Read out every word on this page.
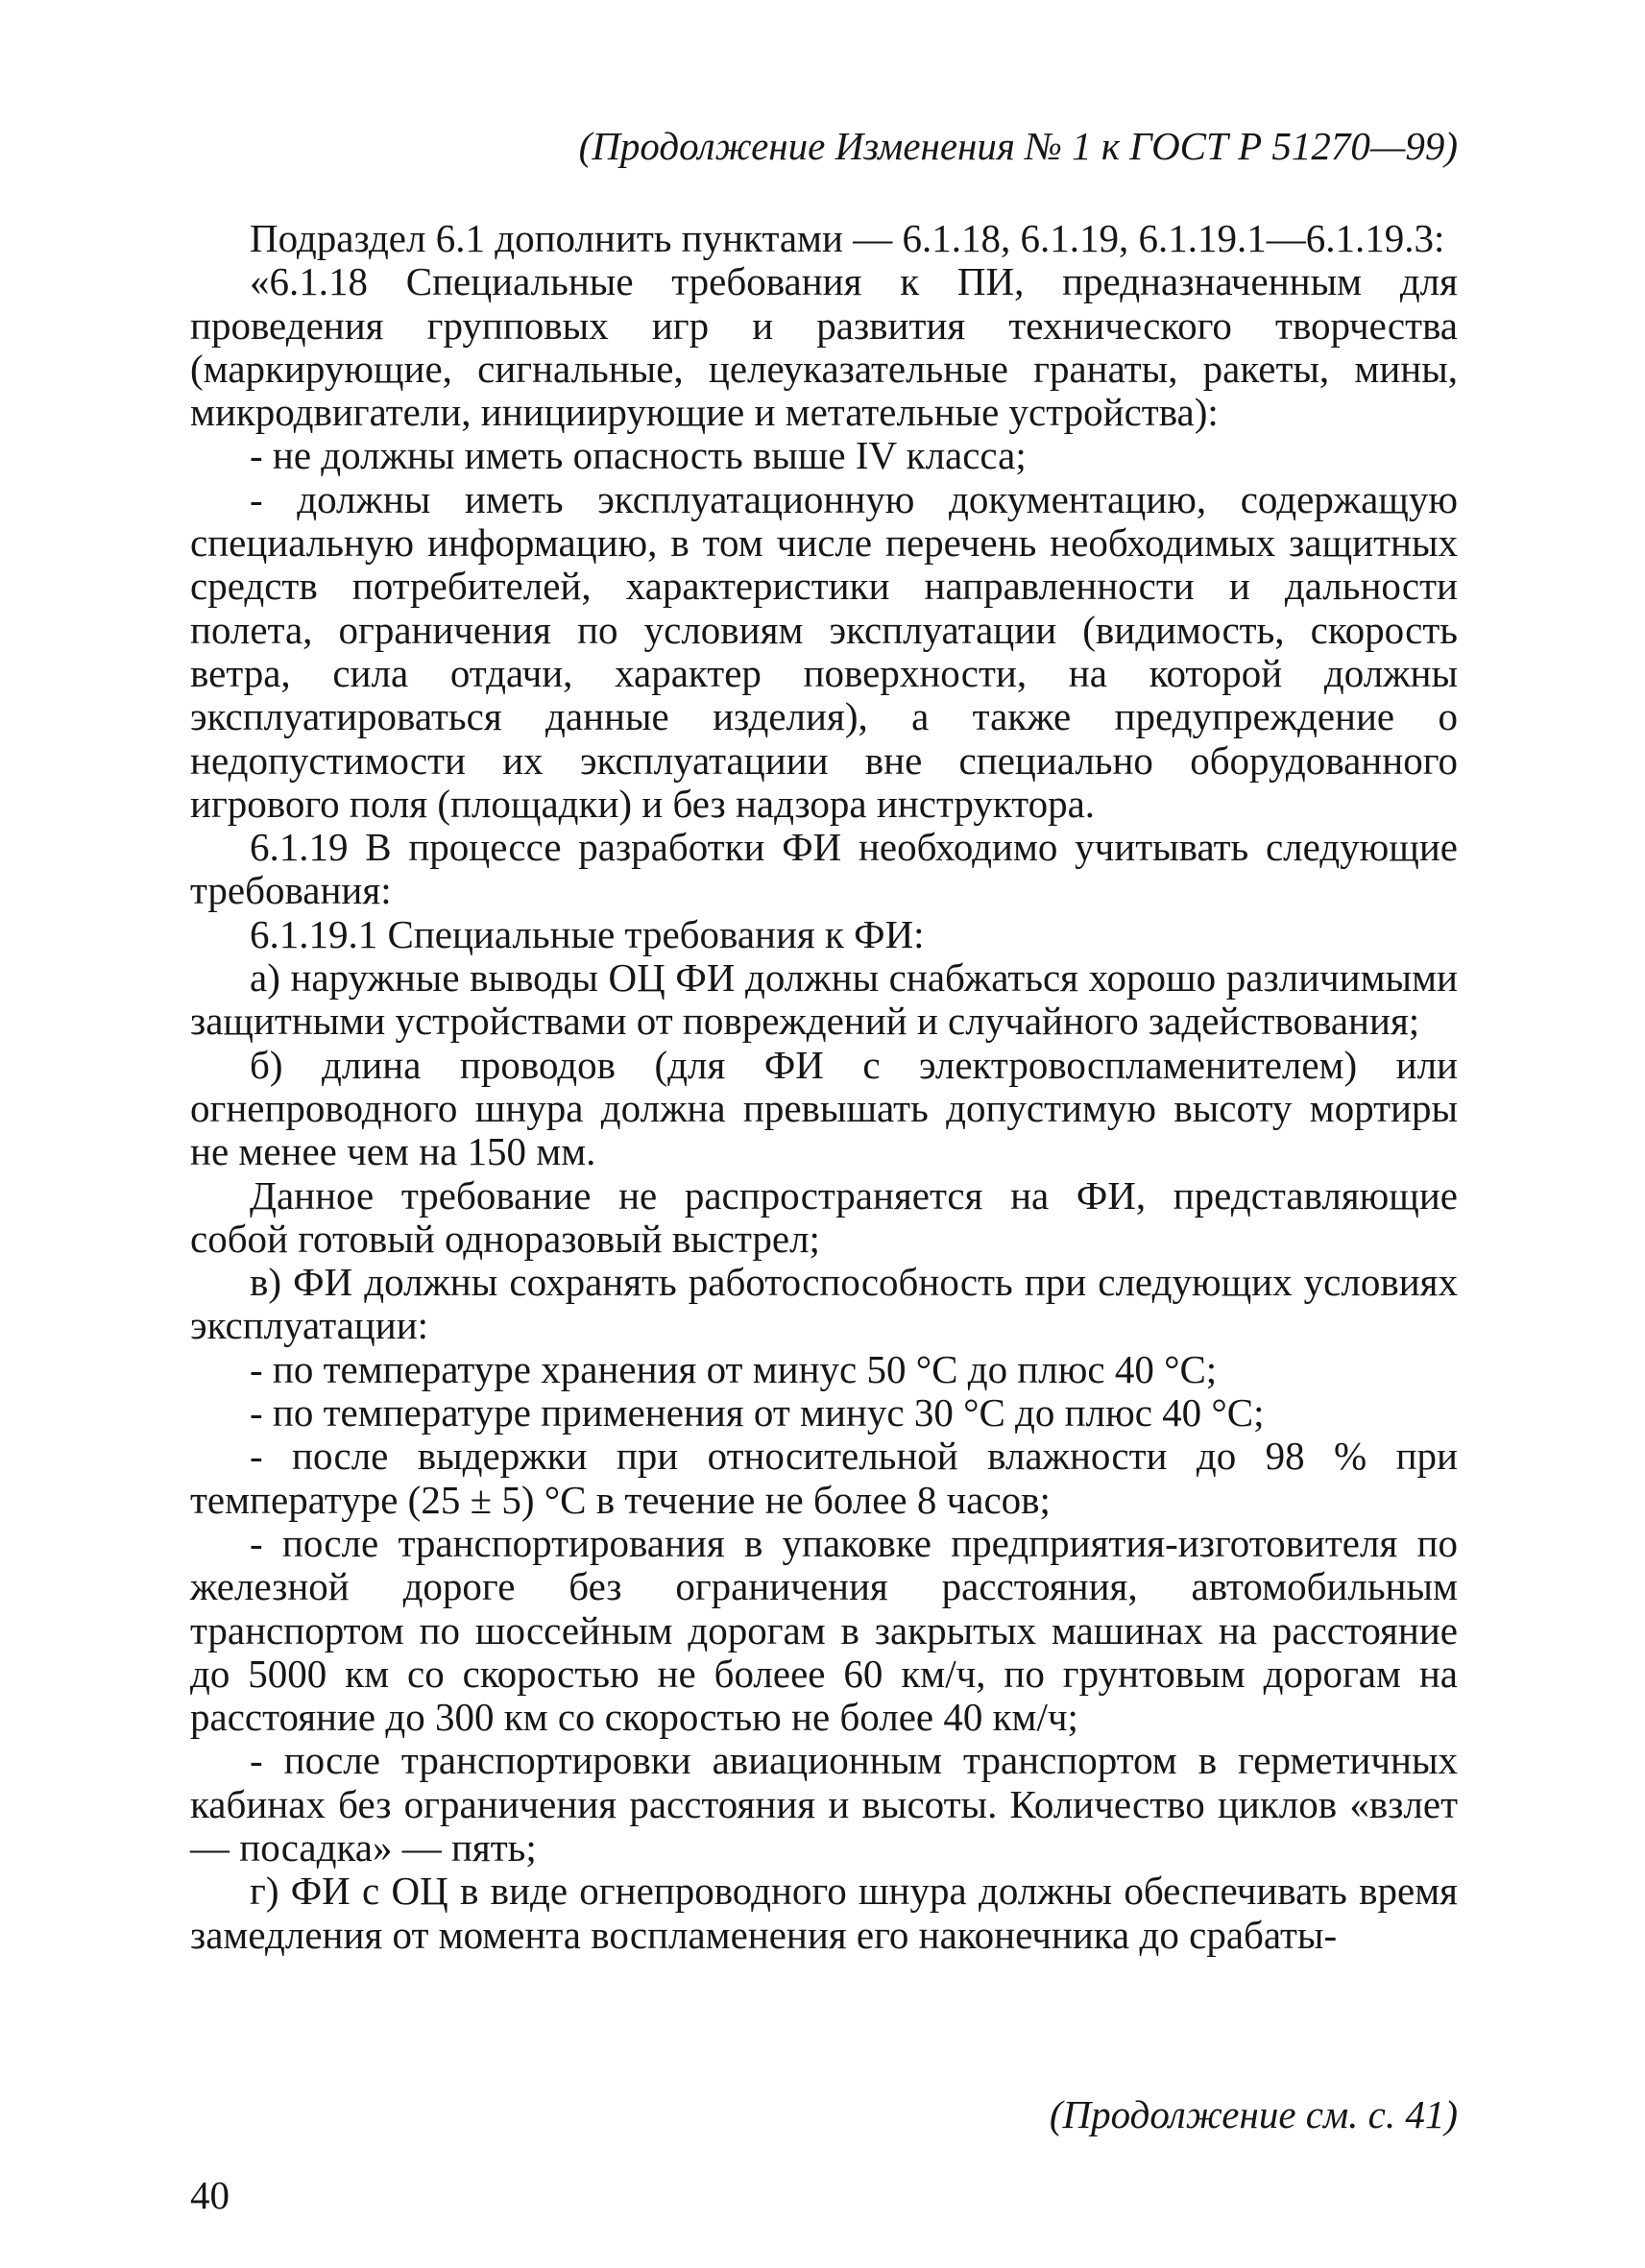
(Продолжение Изменения № 1 к ГОСТ Р 51270—99)

Подраздел 6.1 дополнить пунктами — 6.1.18, 6.1.19, 6.1.19.1—6.1.19.3:

«6.1.18 Специальные требования к ПИ, предназначенным для проведения групповых игр и развития технического творчества (маркирующие, сигнальные, целеуказательные гранаты, ракеты, мины, микродвигатели, инициирующие и метательные устройства):

- не должны иметь опасность выше IV класса;

- должны иметь эксплуатационную документацию, содержащую специальную информацию, в том числе перечень необходимых защитных средств потребителей, характеристики направленности и дальности полета, ограничения по условиям эксплуатации (видимость, скорость ветра, сила отдачи, характер поверхности, на которой должны эксплуатироваться данные изделия), а также предупреждение о недопустимости их эксплуатациии вне специально оборудованного игрового поля (площадки) и без надзора инструктора.

6.1.19 В процессе разработки ФИ необходимо учитывать следующие требования:

6.1.19.1 Специальные требования к ФИ:

а) наружные выводы ОЦ ФИ должны снабжаться хорошо различимыми защитными устройствами от повреждений и случайного задействования;

б) длина проводов (для ФИ с электровоспламенителем) или огнепроводного шнура должна превышать допустимую высоту мортиры не менее чем на 150 мм.

Данное требование не распространяется на ФИ, представляющие собой готовый одноразовый выстрел;

в) ФИ должны сохранять работоспособность при следующих условиях эксплуатации:

- по температуре хранения от минус 50 °С до плюс 40 °С;

- по температуре применения от минус 30 °С до плюс 40 °С;

- после выдержки при относительной влажности до 98 % при температуре (25 ± 5) °С в течение не более 8 часов;

- после транспортирования в упаковке предприятия-изготовителя по железной дороге без ограничения расстояния, автомобильным транспортом по шоссейным дорогам в закрытых машинах на расстояние до 5000 км со скоростью не болеее 60 км/ч, по грунтовым дорогам на расстояние до 300 км со скоростью не более 40 км/ч;

- после транспортировки авиационным транспортом в герметичных кабинах без ограничения расстояния и высоты. Количество циклов «взлет — посадка» — пять;

г) ФИ с ОЦ в виде огнепроводного шнура должны обеспечивать время замедления от момента воспламенения его наконечника до срабаты-

(Продолжение см. с. 41)
40
